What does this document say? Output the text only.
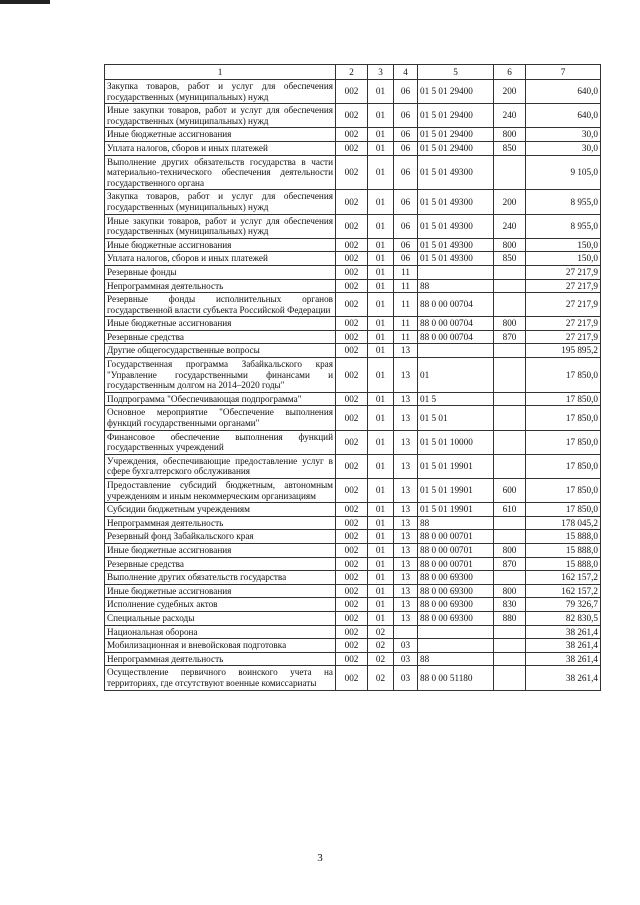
1	2	3	4	5	6	7
Закупка товаров, работ и услуг для обеспечения государственных (муниципальных) нужд	002	01	06	01 5 01 29400	200	640,0
Иные закупки товаров, работ и услуг для обеспечения государственных (муниципальных) нужд	002	01	06	01 5 01 29400	240	640,0
Иные бюджетные ассигнования	002	01	06	01 5 01 29400	800	30,0
Уплата налогов, сборов и иных платежей	002	01	06	01 5 01 29400	850	30,0
Выполнение других обязательств государства в части материально-технического обеспечения деятельности государственного органа	002	01	06	01 5 01 49300		9 105,0
Закупка товаров, работ и услуг для обеспечения государственных (муниципальных) нужд	002	01	06	01 5 01 49300	200	8 955,0
Иные закупки товаров, работ и услуг для обеспечения государственных (муниципальных) нужд	002	01	06	01 5 01 49300	240	8 955,0
Иные бюджетные ассигнования	002	01	06	01 5 01 49300	800	150,0
Уплата налогов, сборов и иных платежей	002	01	06	01 5 01 49300	850	150,0
Резервные фонды	002	01	11			27 217,9
Непрограммная деятельность	002	01	11	88		27 217,9
Резервные фонды исполнительных органов государственной власти субъекта Российской Федерации	002	01	11	88 0 00 00704		27 217,9
Иные бюджетные ассигнования	002	01	11	88 0 00 00704	800	27 217,9
Резервные средства	002	01	11	88 0 00 00704	870	27 217,9
Другие общегосударственные вопросы	002	01	13			195 895,2
Государственная программа Забайкальского края "Управление государственными финансами и государственным долгом на 2014–2020 годы"	002	01	13	01		17 850,0
Подпрограмма "Обеспечивающая подпрограмма"	002	01	13	01 5		17 850,0
Основное мероприятие "Обеспечение выполнения функций государственными органами"	002	01	13	01 5 01		17 850,0
Финансовое обеспечение выполнения функций государственных учреждений	002	01	13	01 5 01 10000		17 850,0
Учреждения, обеспечивающие предоставление услуг в сфере бухгалтерского обслуживания	002	01	13	01 5 01 19901		17 850,0
Предоставление субсидий бюджетным, автономным учреждениям и иным некоммерческим организациям	002	01	13	01 5 01 19901	600	17 850,0
Субсидии бюджетным учреждениям	002	01	13	01 5 01 19901	610	17 850,0
Непрограммная деятельность	002	01	13	88		178 045,2
Резервный фонд Забайкальского края	002	01	13	88 0 00 00701		15 888,0
Иные бюджетные ассигнования	002	01	13	88 0 00 00701	800	15 888,0
Резервные средства	002	01	13	88 0 00 00701	870	15 888,0
Выполнение других обязательств государства	002	01	13	88 0 00 69300		162 157,2
Иные бюджетные ассигнования	002	01	13	88 0 00 69300	800	162 157,2
Исполнение судебных актов	002	01	13	88 0 00 69300	830	79 326,7
Специальные расходы	002	01	13	88 0 00 69300	880	82 830,5
Национальная оборона	002	02				38 261,4
Мобилизационная и вневойсковая подготовка	002	02	03			38 261,4
Непрограммная деятельность	002	02	03	88		38 261,4
Осуществление первичного воинского учета на территориях, где отсутствуют военные комиссариаты	002	02	03	88 0 00 51180		38 261,4
3
